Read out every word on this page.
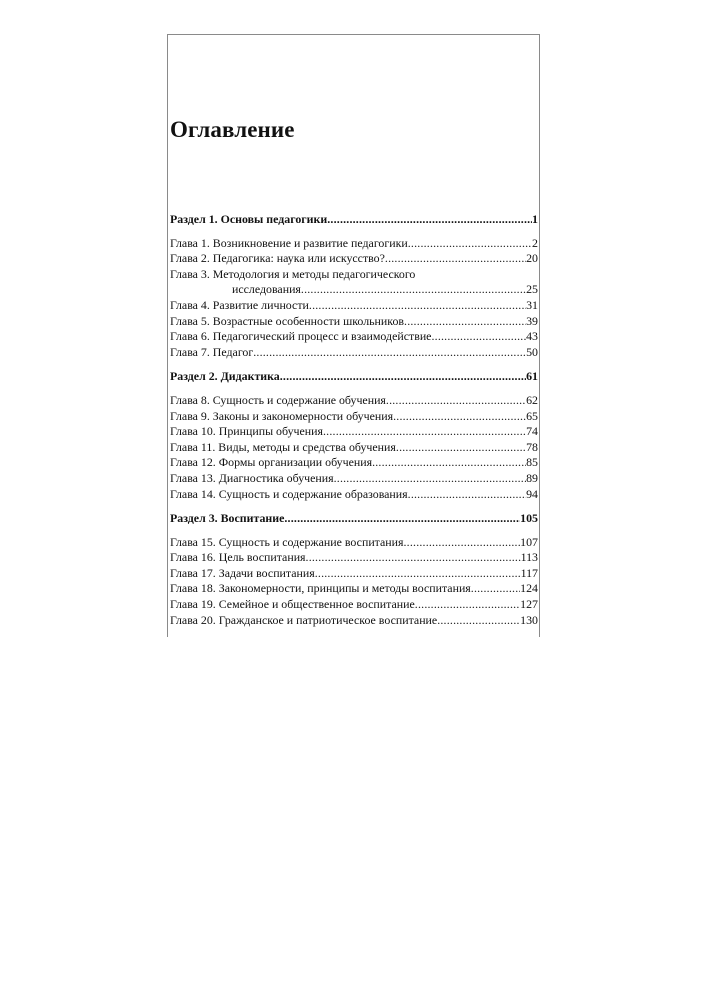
Оглавление
Раздел 1. Основы педагогики .....	1
Глава 1. Возникновение и развитие педагогики .....	2
Глава 2. Педагогика: наука или искусство? .....	20
Глава 3. Методология и методы педагогического
исследования .....	25
Глава 4. Развитие личности .....	31
Глава 5. Возрастные особенности школьников .....	39
Глава 6. Педагогический процесс и взаимодействие .....	43
Глава 7. Педагог .....	50
Раздел 2. Дидактика .....	61
Глава 8. Сущность и содержание обучения .....	62
Глава 9. Законы и закономерности обучения .....	65
Глава 10. Принципы обучения .....	74
Глава 11. Виды, методы и средства обучения .....	78
Глава 12. Формы организации обучения .....	85
Глава 13. Диагностика обучения .....	89
Глава 14. Сущность и содержание образования .....	94
Раздел 3. Воспитание .....	105
Глава 15. Сущность и содержание воспитания .....	107
Глава 16. Цель воспитания .....	113
Глава 17. Задачи воспитания .....	117
Глава 18. Закономерности, принципы и методы воспитания .....	124
Глава 19. Семейное и общественное воспитание .....	127
Глава 20. Гражданское и патриотическое воспитание .....	130
